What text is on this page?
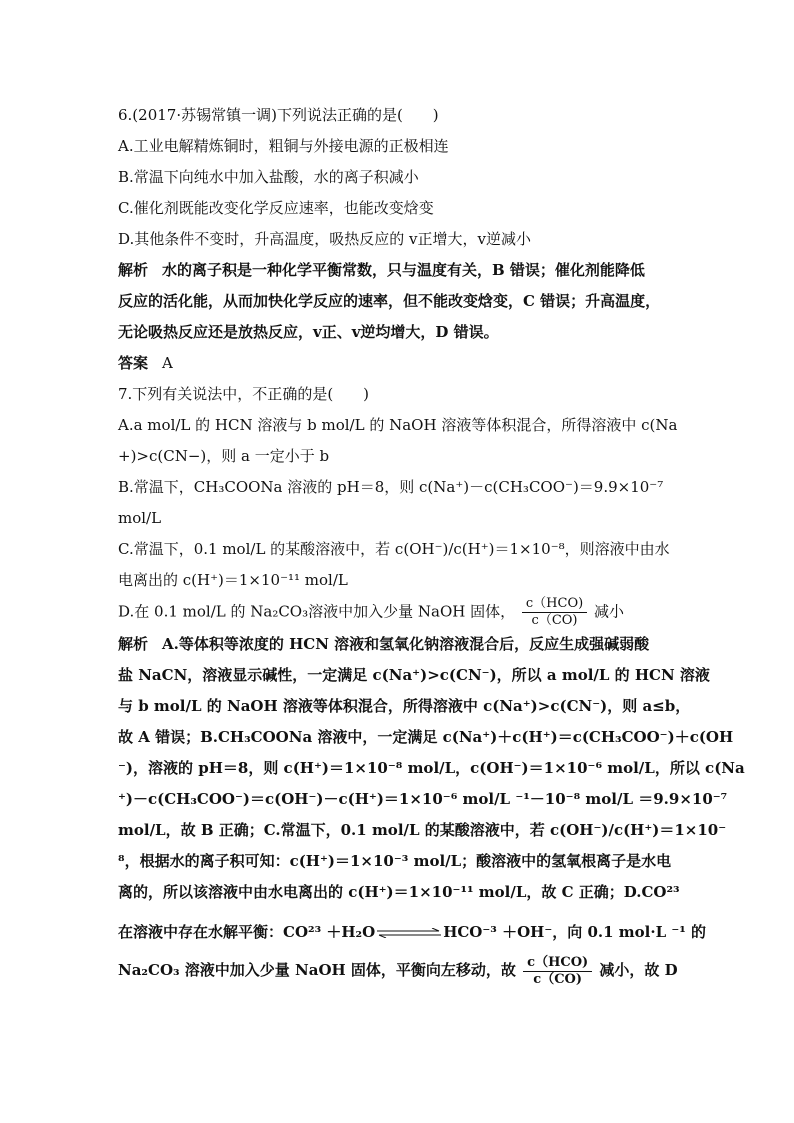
6.(2017·苏锡常镇一调)下列说法正确的是(　　)
A.工业电解精炼铜时，粗铜与外接电源的正极相连
B.常温下向纯水中加入盐酸，水的离子积减小
C.催化剂既能改变化学反应速率，也能改变焓变
D.其他条件不变时，升高温度，吸热反应的 v正增大，v逆减小
解析 水的离子积是一种化学平衡常数，只与温度有关，B 错误；催化剂能降低
反应的活化能，从而加快化学反应的速率，但不能改变焓变，C 错误；升高温度，
无论吸热反应还是放热反应，v正、v逆均增大，D 错误。
答案 A
7.下列有关说法中，不正确的是(　　)
A.a mol/L 的 HCN 溶液与 b mol/L 的 NaOH 溶液等体积混合，所得溶液中 c(Na
+)>c(CN−)，则 a 一定小于 b
B.常温下，CH₃COONa 溶液的 pH＝8，则 c(Na⁺)－c(CH₃COO⁻)＝9.9×10⁻⁷
mol/L
C.常温下，0.1 mol/L 的某酸溶液中，若 c(OH⁻)/c(H⁺)＝1×10⁻⁸，则溶液中由水
电离出的 c(H⁺)＝1×10⁻¹¹ mol/L
D.在 0.1 mol/L 的 Na₂CO₃溶液中加入少量 NaOH 固体， $\frac{\text{c（HCO)}}{c(CO)}$ 减小
解析 A.等体积等浓度的 HCN 溶液和氢氧化钠溶液混合后，反应生成强碱弱酸
盐 NaCN，溶液显示碱性，一定满足 c(Na⁺)>c(CN⁻)，所以 a mol/L 的 HCN 溶液
与 b mol/L 的 NaOH 溶液等体积混合，所得溶液中 c(Na⁺)>c(CN⁻)，则 a≤b，
故 A 错误；B.CH₃COONa 溶液中，一定满足 c(Na⁺)＋c(H⁺)＝c(CH₃COO⁻)＋c(OH
⁻)，溶液的 pH＝8，则 c(H⁺)＝1×10⁻⁸ mol/L，c(OH⁻)＝1×10⁻⁶ mol/L，所以 c(Na
⁺)－c(CH₃COO⁻)＝c(OH⁻)－c(H⁺)＝1×10⁻⁶ mol/L ⁻¹－10⁻⁸ mol/L ＝9.9×10⁻⁷
mol/L，故 B 正确；C.常温下，0.1 mol/L 的某酸溶液中，若 c(OH⁻)/c(H⁺)＝1×10⁻
⁸，根据水的离子积可知：c(H⁺)＝1×10⁻³ mol/L；酸溶液中的氢氧根离子是水电
离的，所以该溶液中由水电离出的 c(H⁺)＝1×10⁻¹¹ mol/L，故 C 正确；D.CO²³
在溶液中存在水解平衡：CO²³ ＋H₂O	HCO⁻³ ＋OH⁻，向 0.1 mol·L ⁻¹ 的
Na₂CO₃ 溶液中加入少量 NaOH 固体，平衡向左移动，故 $\frac{\text{c（HCO)}}{c(CO)}$ 减小，故 D
